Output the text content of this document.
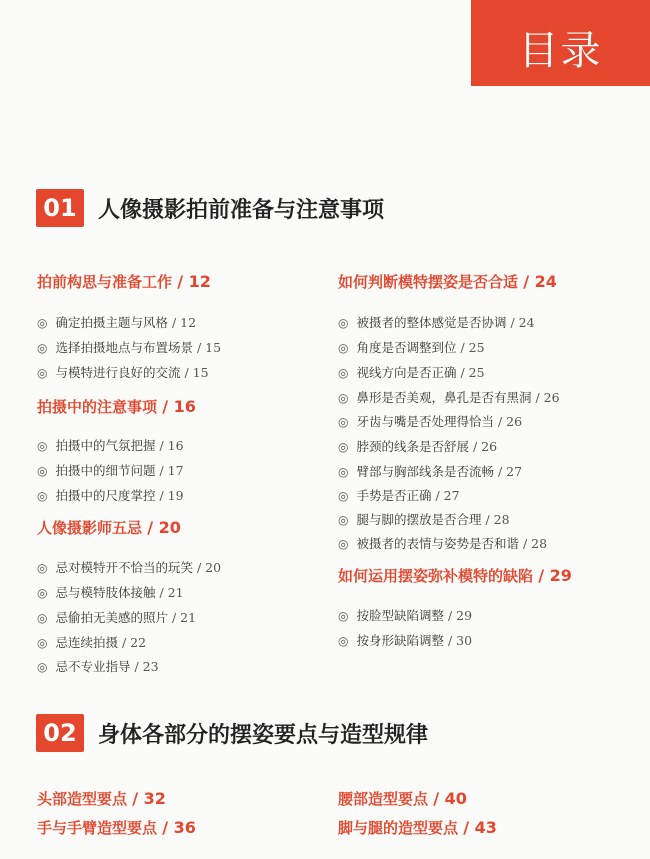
目录
01 人像摄影拍前准备与注意事项
拍前构思与准备工作 / 12
◎ 确定拍摄主题与风格 / 12
◎ 选择拍摄地点与布置场景 / 15
◎ 与模特进行良好的交流 / 15
拍摄中的注意事项 / 16
◎ 拍摄中的气氛把握 / 16
◎ 拍摄中的细节问题 / 17
◎ 拍摄中的尺度掌控 / 19
人像摄影师五忌 / 20
◎ 忌对模特开不恰当的玩笑 / 20
◎ 忌与模特肢体接触 / 21
◎ 忌偷拍无美感的照片 / 21
◎ 忌连续拍摄 / 22
◎ 忌不专业指导 / 23
如何判断模特摆姿是否合适 / 24
◎ 被摄者的整体感觉是否协调 / 24
◎ 角度是否调整到位 / 25
◎ 视线方向是否正确 / 25
◎ 鼻形是否美观，鼻孔是否有黑洞 / 26
◎ 牙齿与嘴是否处理得恰当 / 26
◎ 脖颈的线条是否舒展 / 26
◎ 臂部与胸部线条是否流畅 / 27
◎ 手势是否正确 / 27
◎ 腿与脚的摆放是否合理 / 28
◎ 被摄者的表情与姿势是否和谐 / 28
如何运用摆姿弥补模特的缺陷 / 29
◎ 按脸型缺陷调整 / 29
◎ 按身形缺陷调整 / 30
02 身体各部分的摆姿要点与造型规律
头部造型要点 / 32
手与手臂造型要点 / 36
腰部造型要点 / 40
脚与腿的造型要点 / 43
